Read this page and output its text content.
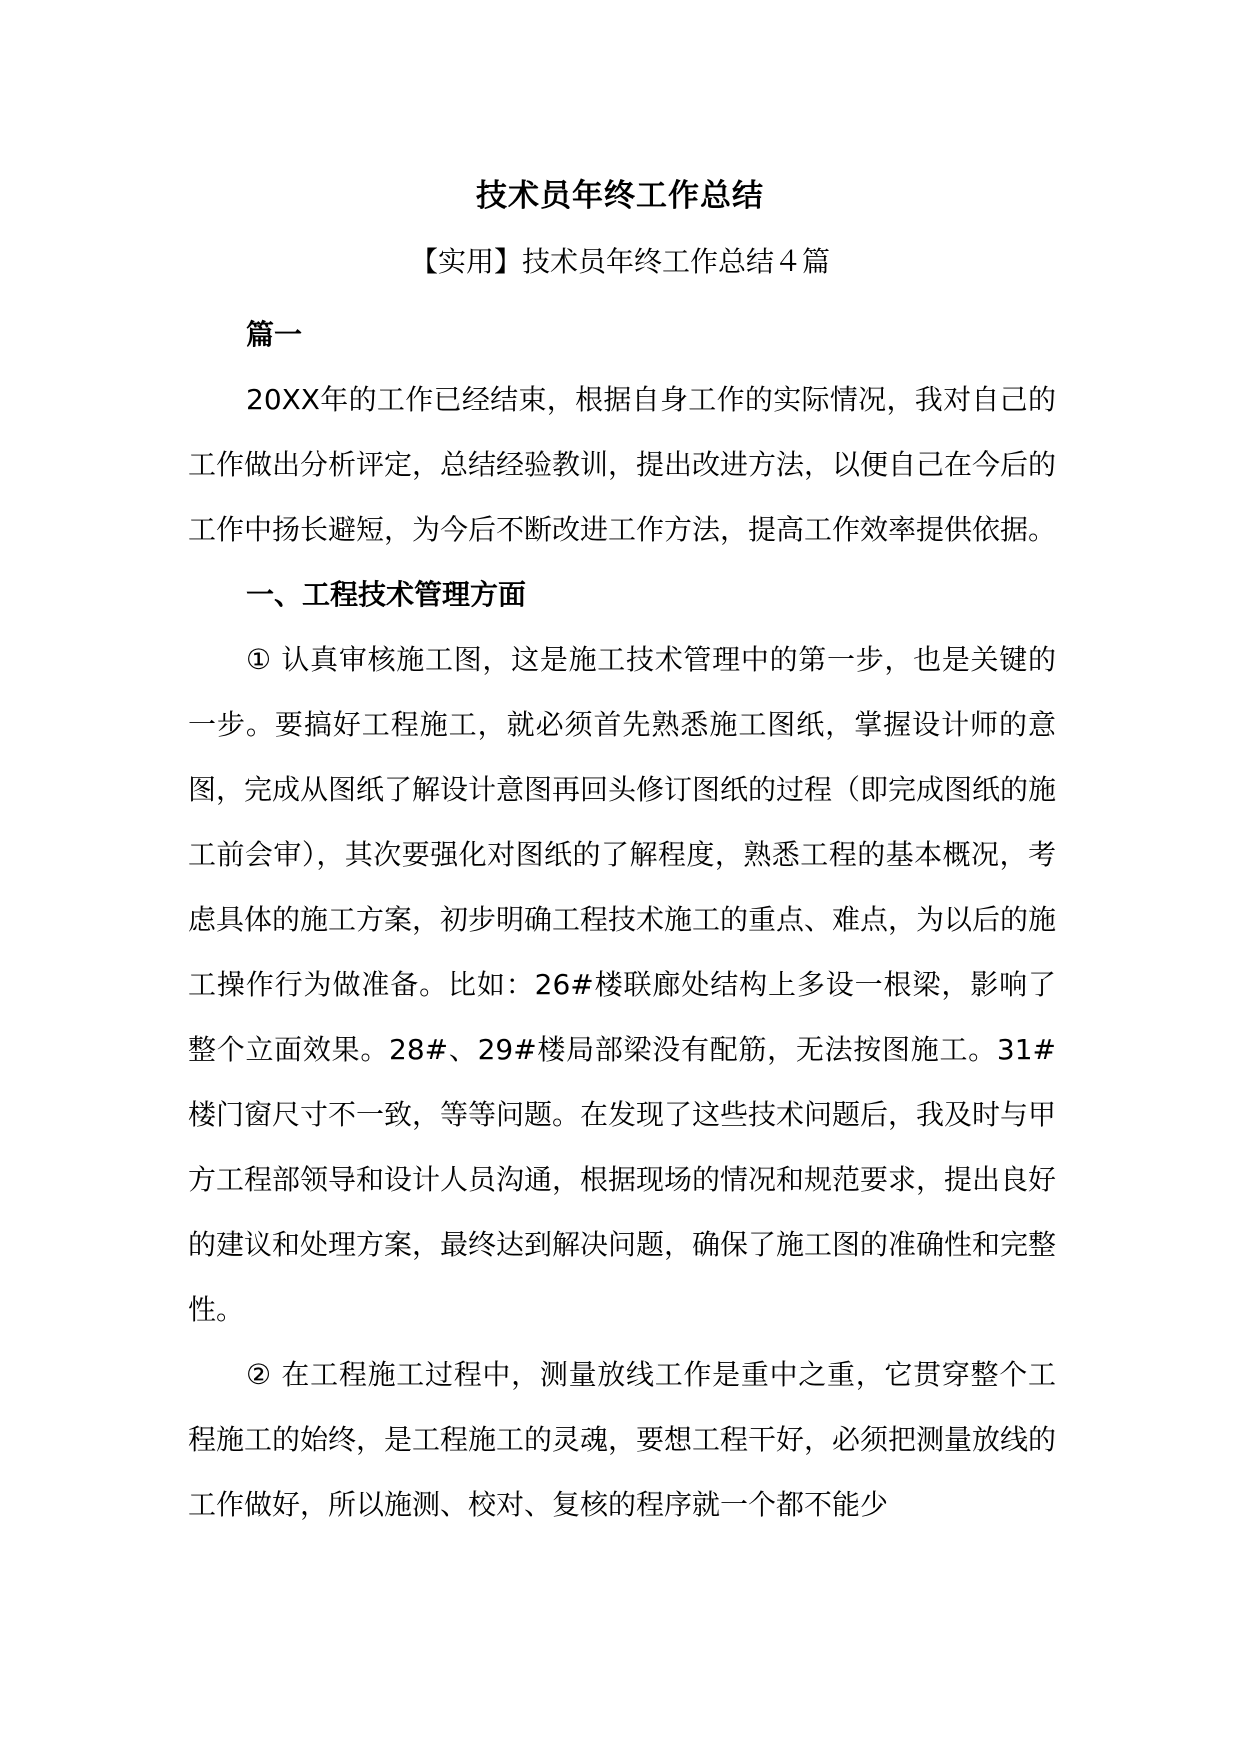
技术员年终工作总结
【实用】技术员年终工作总结４篇

篇一

20XX年的工作已经结束，根据自身工作的实际情况，我对自己的工作做出分析评定，总结经验教训，提出改进方法，以便自己在今后的工作中扬长避短，为今后不断改进工作方法，提高工作效率提供依据。

一、工程技术管理方面

① 认真审核施工图，这是施工技术管理中的第一步，也是关键的一步。要搞好工程施工，就必须首先熟悉施工图纸，掌握设计师的意图，完成从图纸了解设计意图再回头修订图纸的过程（即完成图纸的施工前会审），其次要强化对图纸的了解程度，熟悉工程的基本概况，考虑具体的施工方案，初步明确工程技术施工的重点、难点，为以后的施工操作行为做准备。比如：26#楼联廊处结构上多设一根梁，影响了整个立面效果。28#、29#楼局部梁没有配筋，无法按图施工。31#楼门窗尺寸不一致，等等问题。在发现了这些技术问题后，我及时与甲方工程部领导和设计人员沟通，根据现场的情况和规范要求，提出良好的建议和处理方案，最终达到解决问题，确保了施工图的准确性和完整性。

② 在工程施工过程中，测量放线工作是重中之重，它贯穿整个工程施工的始终，是工程施工的灵魂，要想工程干好，必须把测量放线的工作做好，所以施测、校对、复核的程序就一个都不能少
